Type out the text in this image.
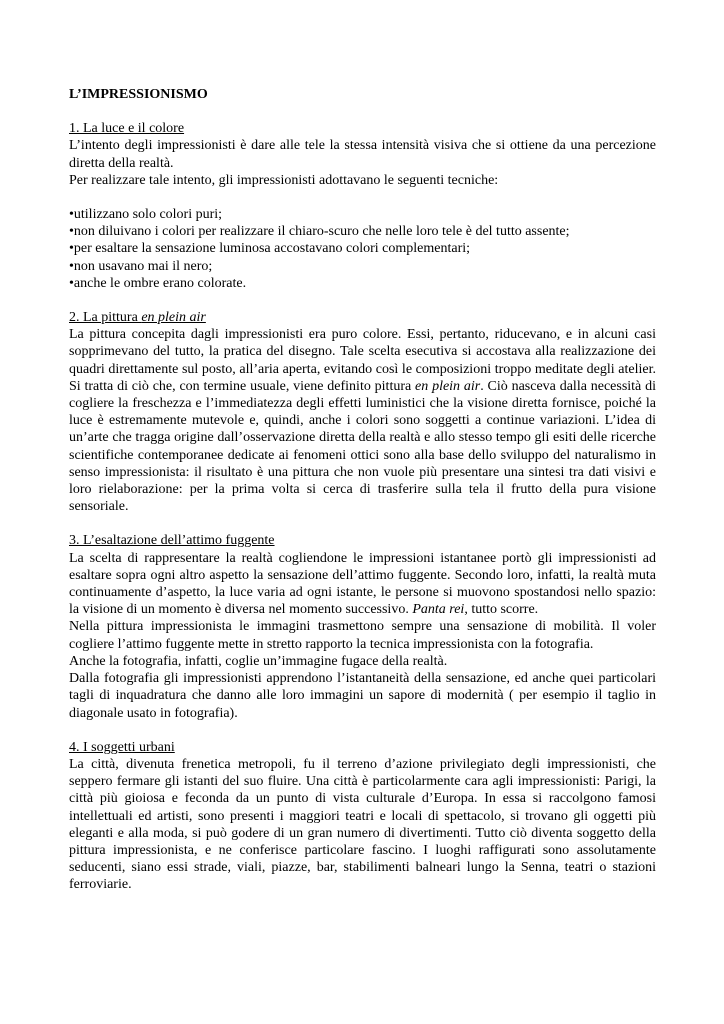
L’IMPRESSIONISMO
1. La luce e il colore

L’intento degli impressionisti è dare alle tele la stessa intensità visiva che si ottiene da una percezione diretta della realtà.

Per realizzare tale intento, gli impressionisti adottavano le seguenti tecniche:

• utilizzano solo colori puri;
• non diluivano i colori per realizzare il chiaro-scuro che nelle loro tele è del tutto assente;
• per esaltare la sensazione luminosa accostavano colori complementari;
• non usavano mai il nero;
• anche le ombre erano colorate.
2. La pittura en plein air

La pittura concepita dagli impressionisti era puro colore. Essi, pertanto, riducevano, e in alcuni casi sopprimevano del tutto, la pratica del disegno. Tale scelta esecutiva si accostava alla realizzazione dei quadri direttamente sul posto, all’aria aperta, evitando così le composizioni troppo meditate degli atelier. Si tratta di ciò che, con termine usuale, viene definito pittura en plein air. Ciò nasceva dalla necessità di cogliere la freschezza e l’immediatezza degli effetti luministici che la visione diretta fornisce, poiché la luce è estremamente mutevole e, quindi, anche i colori sono soggetti a continue variazioni. L’idea di un’arte che tragga origine dall’osservazione diretta della realtà e allo stesso tempo gli esiti delle ricerche scientifiche contemporanee dedicate ai fenomeni ottici sono alla base dello sviluppo del naturalismo in senso impressionista: il risultato è una pittura che non vuole più presentare una sintesi tra dati visivi e loro rielaborazione: per la prima volta si cerca di trasferire sulla tela il frutto della pura visione sensoriale.

3. L’esaltazione dell’attimo fuggente

La scelta di rappresentare la realtà cogliendone le impressioni istantanee portò gli impressionisti ad esaltare sopra ogni altro aspetto la sensazione dell’attimo fuggente. Secondo loro, infatti, la realtà muta continuamente d’aspetto, la luce varia ad ogni istante, le persone si muovono spostandosi nello spazio: la visione di un momento è diversa nel momento successivo. Panta rei, tutto scorre.

Nella pittura impressionista le immagini trasmettono sempre una sensazione di mobilità. Il voler cogliere l’attimo fuggente mette in stretto rapporto la tecnica impressionista con la fotografia.

Anche la fotografia, infatti, coglie un’immagine fugace della realtà.

Dalla fotografia gli impressionisti apprendono l’istantaneità della sensazione, ed anche quei particolari tagli di inquadratura che danno alle loro immagini un sapore di modernità ( per esempio il taglio in diagonale usato in fotografia).

4. I soggetti urbani

La città, divenuta frenetica metropoli, fu il terreno d’azione privilegiato degli impressionisti, che seppero fermare gli istanti del suo fluire. Una città è particolarmente cara agli impressionisti: Parigi, la città più gioiosa e feconda da un punto di vista culturale d’Europa. In essa si raccolgono famosi intellettuali ed artisti, sono presenti i maggiori teatri e locali di spettacolo, si trovano gli oggetti più eleganti e alla moda, si può godere di un gran numero di divertimenti. Tutto ciò diventa soggetto della pittura impressionista, e ne conferisce particolare fascino. I luoghi raffigurati sono assolutamente seducenti, siano essi strade, viali, piazze, bar, stabilimenti balneari lungo la Senna, teatri o stazioni ferroviarie.
